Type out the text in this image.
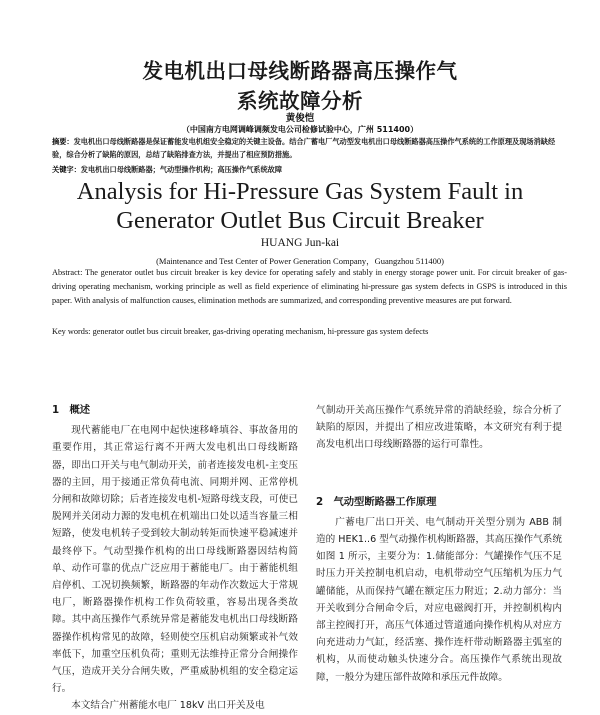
发电机出口母线断路器高压操作气
系统故障分析
黄俊恺
（中国南方电网调峰调频发电公司检修试验中心，广州 511400）
摘要：发电机出口母线断路器是保证蓄能发电机组安全稳定的关键主设备。结合广蓄电厂气动型发电机出口母线断路器高压操作气系统的工作原理及现场消缺经验，综合分析了缺陷的原因，总结了缺陷排查方法，并提出了相应预防措施。
关键字：发电机出口母线断路器；气动型操作机构；高压操作气系统故障
Analysis for Hi-Pressure Gas System Fault in
Generator Outlet Bus Circuit Breaker
HUANG Jun-kai
(Maintenance and Test Center of Power Generation Company，Guangzhou 511400)
Abstract: The generator outlet bus circuit breaker is key device for operating safely and stably in energy storage power unit. For circuit breaker of gas-driving operating mechanism, working principle as well as field experience of eliminating hi-pressure gas system defects in GSPS is introduced in this paper. With analysis of malfunction causes, elimination methods are summarized, and corresponding preventive measures are put forward.
Key words: generator outlet bus circuit breaker, gas-driving operating mechanism, hi-pressure gas system defects
1　概述

现代蓄能电厂在电网中起快速移峰填谷、事故备用的重要作用，其正常运行离不开两大发电机出口母线断路器，即出口开关与电气制动开关，前者连接发电机-主变压器的主回，用于接通正常负荷电流、同期并网、正常停机分闸和故障切除；后者连接发电机-短路母线支段，可使已脱网并关闭动力源的发电机在机端出口处以适当容量三相短路，使发电机转子受到较大制动转矩而快速平稳减速并最终停下。气动型操作机构的出口母线断路器因结构简单、动作可靠的优点广泛应用于蓄能电厂。由于蓄能机组启停机、工况切换频繁，断路器的年动作次数远大于常规电厂，断路器操作机构工作负荷较重，容易出现各类故障。其中高压操作气系统异常是蓄能发电机出口母线断路器操作机构常见的故障，轻则使空压机启动频繁或补气效率低下，加重空压机负荷；重则无法维持正常分合闸操作气压，造成开关分合闸失败，严重威胁机组的安全稳定运行。

本文结合广州蓄能水电厂 18kV 出口开关及电

气制动开关高压操作气系统异常的消缺经验，综合分析了缺陷的原因，并提出了相应改进策略，本文研究有利于提高发电机出口母线断路器的运行可靠性。

2　气动型断路器工作原理

广蓄电厂出口开关、电气制动开关型分别为 ABB 制造的 HEK1..6 型气动操作机构断路器，其高压操作气系统如图 1 所示，主要分为：1.储能部分：气罐操作气压不足时压力开关控制电机启动，电机带动空气压缩机为压力气罐储能，从而保持气罐在额定压力附近；2.动力部分：当开关收到分合闸命令后，对应电磁阀打开，并控制机构内部主控阀打开，高压气体通过管道通向操作机构从对应方向充进动力气缸，经活塞、操作连杆带动断路器主弧室的机构，从而使动触头快速分合。高压操作气系统出现故障，一般分为建压部件故障和承压元件故障。
